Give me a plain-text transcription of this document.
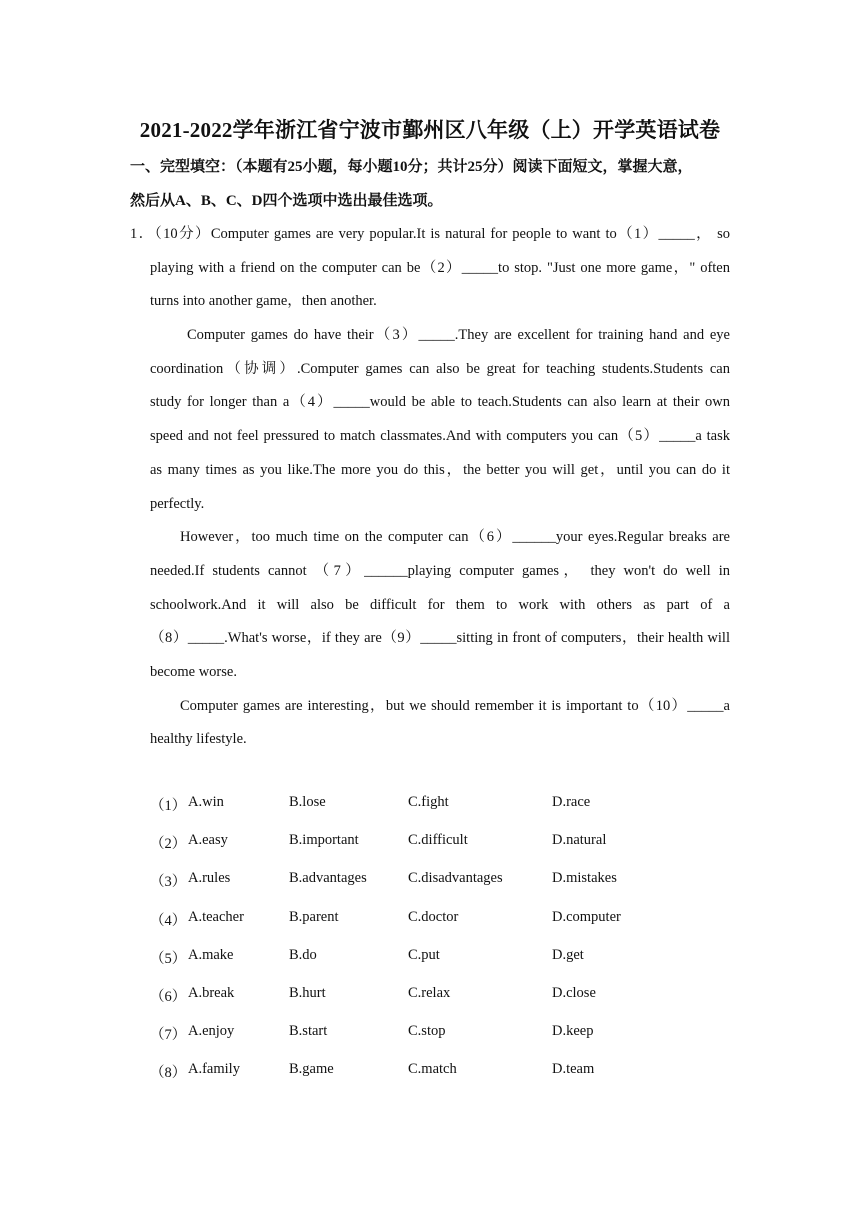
2021-2022学年浙江省宁波市鄞州区八年级（上）开学英语试卷
一、完型填空：（本题有25小题，每小题10分；共计25分）阅读下面短文，掌握大意，
然后从A、B、C、D四个选项中选出最佳选项。
1．（10分）Computer games are very popular.It is natural for people to want to（1）_____， so
playing with a friend on the computer can be（2）_____to stop. "Just one more game，" often
turns into another game，then another.
Computer games do have their（3）_____.They are excellent for training hand and eye
coordination（协调）.Computer games can also be great for teaching students.Students can
study for longer than a（4）_____would be able to teach.Students can also learn at their own
speed and not feel pressured to match classmates.And with computers you can（5）_____a task
as many times as you like.The more you do this，the better you will get，until you can do it
perfectly.
However，too much time on the computer can（6）______your eyes.Regular breaks are
needed.If students cannot （7）______playing computer games， they won't do well in
schoolwork.And it will also be difficult for them to work with others as part of a
（8）_____.What's worse，if they are（9）_____sitting in front of computers，their health will
become worse.
Computer games are interesting，but we should remember it is important to（10）_____a
healthy lifestyle.
（1） A.win	B.lose	C.fight	D.race
（2） A.easy	B.important	C.difficult	D.natural
（3） A.rules	B.advantages	C.disadvantages	D.mistakes
（4） A.teacher	B.parent	C.doctor	D.computer
（5） A.make	B.do	C.put	D.get
（6） A.break	B.hurt	C.relax	D.close
（7） A.enjoy	B.start	C.stop	D.keep
（8） A.family	B.game	C.match	D.team
